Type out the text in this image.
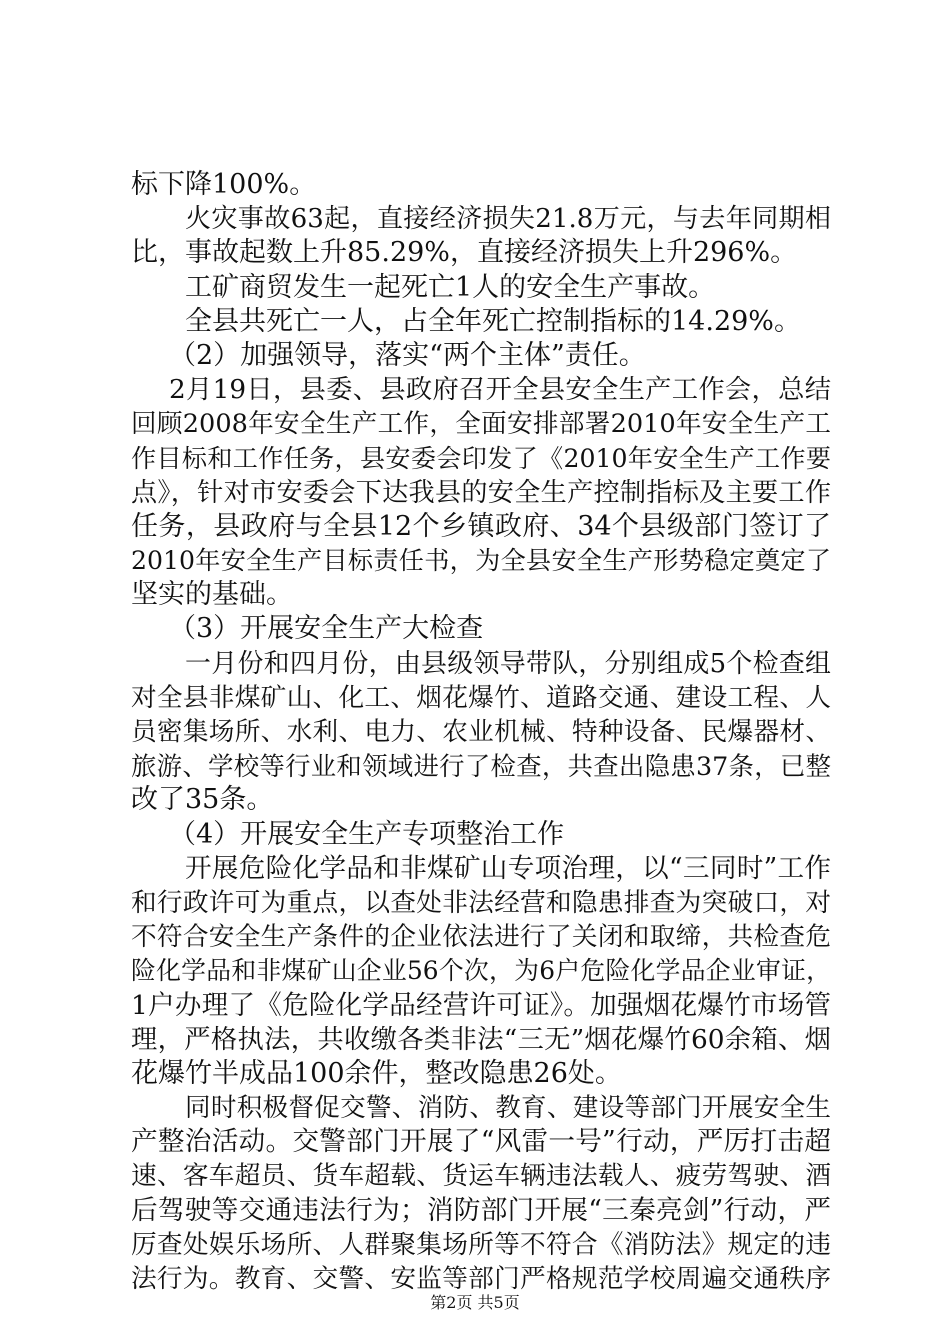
标下降100%。
火灾事故63起，直接经济损失21.8万元，与去年同期相
比，事故起数上升85.29%，直接经济损失上升296%。
工矿商贸发生一起死亡1人的安全生产事故。
全县共死亡一人，占全年死亡控制指标的14.29%。
（2）加强领导，落实“两个主体”责任。
2月19日，县委、县政府召开全县安全生产工作会，总结
回顾2008年安全生产工作，全面安排部署2010年安全生产工
作目标和工作任务，县安委会印发了《2010年安全生产工作要
点》，针对市安委会下达我县的安全生产控制指标及主要工作
任务，县政府与全县12个乡镇政府、34个县级部门签订了
2010年安全生产目标责任书，为全县安全生产形势稳定奠定了
坚实的基础。
（3）开展安全生产大检查
一月份和四月份，由县级领导带队，分别组成5个检查组
对全县非煤矿山、化工、烟花爆竹、道路交通、建设工程、人
员密集场所、水利、电力、农业机械、特种设备、民爆器材、
旅游、学校等行业和领域进行了检查，共查出隐患37条，已整
改了35条。
（4）开展安全生产专项整治工作
开展危险化学品和非煤矿山专项治理，以“三同时”工作
和行政许可为重点，以查处非法经营和隐患排查为突破口，对
不符合安全生产条件的企业依法进行了关闭和取缔，共检查危
险化学品和非煤矿山企业56个次，为6户危险化学品企业审证，
1户办理了《危险化学品经营许可证》。加强烟花爆竹市场管
理，严格执法，共收缴各类非法“三无”烟花爆竹60余箱、烟
花爆竹半成品100余件，整改隐患26处。
同时积极督促交警、消防、教育、建设等部门开展安全生
产整治活动。交警部门开展了“风雷一号”行动，严厉打击超
速、客车超员、货车超载、货运车辆违法载人、疲劳驾驶、酒
后驾驶等交通违法行为；消防部门开展“三秦亮剑”行动，严
厉查处娱乐场所、人群聚集场所等不符合《消防法》规定的违
法行为。教育、交警、安监等部门严格规范学校周遍交通秩序
第2页 共5页
